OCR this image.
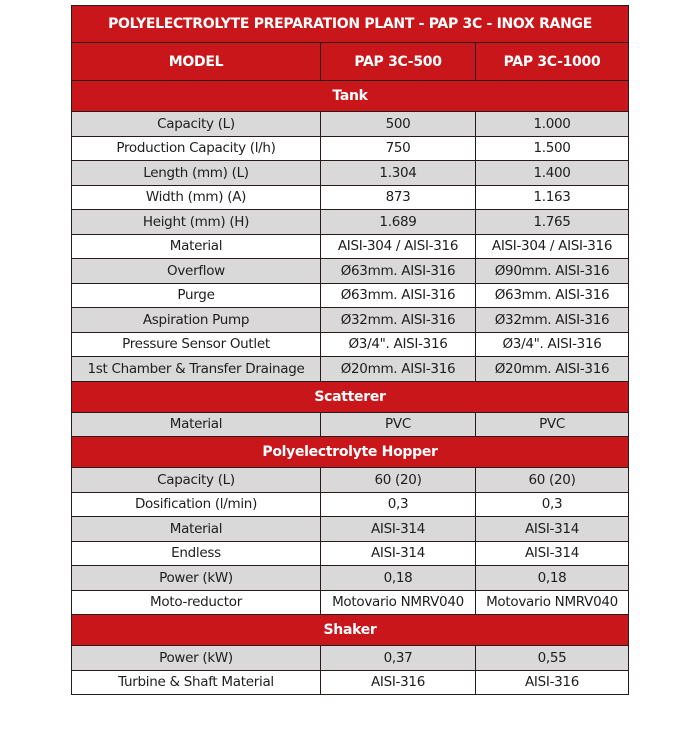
POLYELECTROLYTE PREPARATION PLANT - PAP 3C - INOX RANGE		
MODEL	PAP 3C-500	PAP 3C-1000
Tank		
Capacity (L)	500	1.000
Production Capacity (l/h)	750	1.500
Length (mm) (L)	1.304	1.400
Width (mm) (A)	873	1.163
Height (mm) (H)	1.689	1.765
Material	AISI-304 / AISI-316	AISI-304 / AISI-316
Overflow	Ø63mm. AISI-316	Ø90mm. AISI-316
Purge	Ø63mm. AISI-316	Ø63mm. AISI-316
Aspiration Pump	Ø32mm. AISI-316	Ø32mm. AISI-316
Pressure Sensor Outlet	Ø3/4". AISI-316	Ø3/4". AISI-316
1st Chamber & Transfer Drainage	Ø20mm. AISI-316	Ø20mm. AISI-316
Scatterer		
Material	PVC	PVC
Polyelectrolyte Hopper		
Capacity (L)	60 (20)	60 (20)
Dosification (l/min)	0,3	0,3
Material	AISI-314	AISI-314
Endless	AISI-314	AISI-314
Power (kW)	0,18	0,18
Moto-reductor	Motovario NMRV040	Motovario NMRV040
Shaker		
Power (kW)	0,37	0,55
Turbine & Shaft Material	AISI-316	AISI-316
